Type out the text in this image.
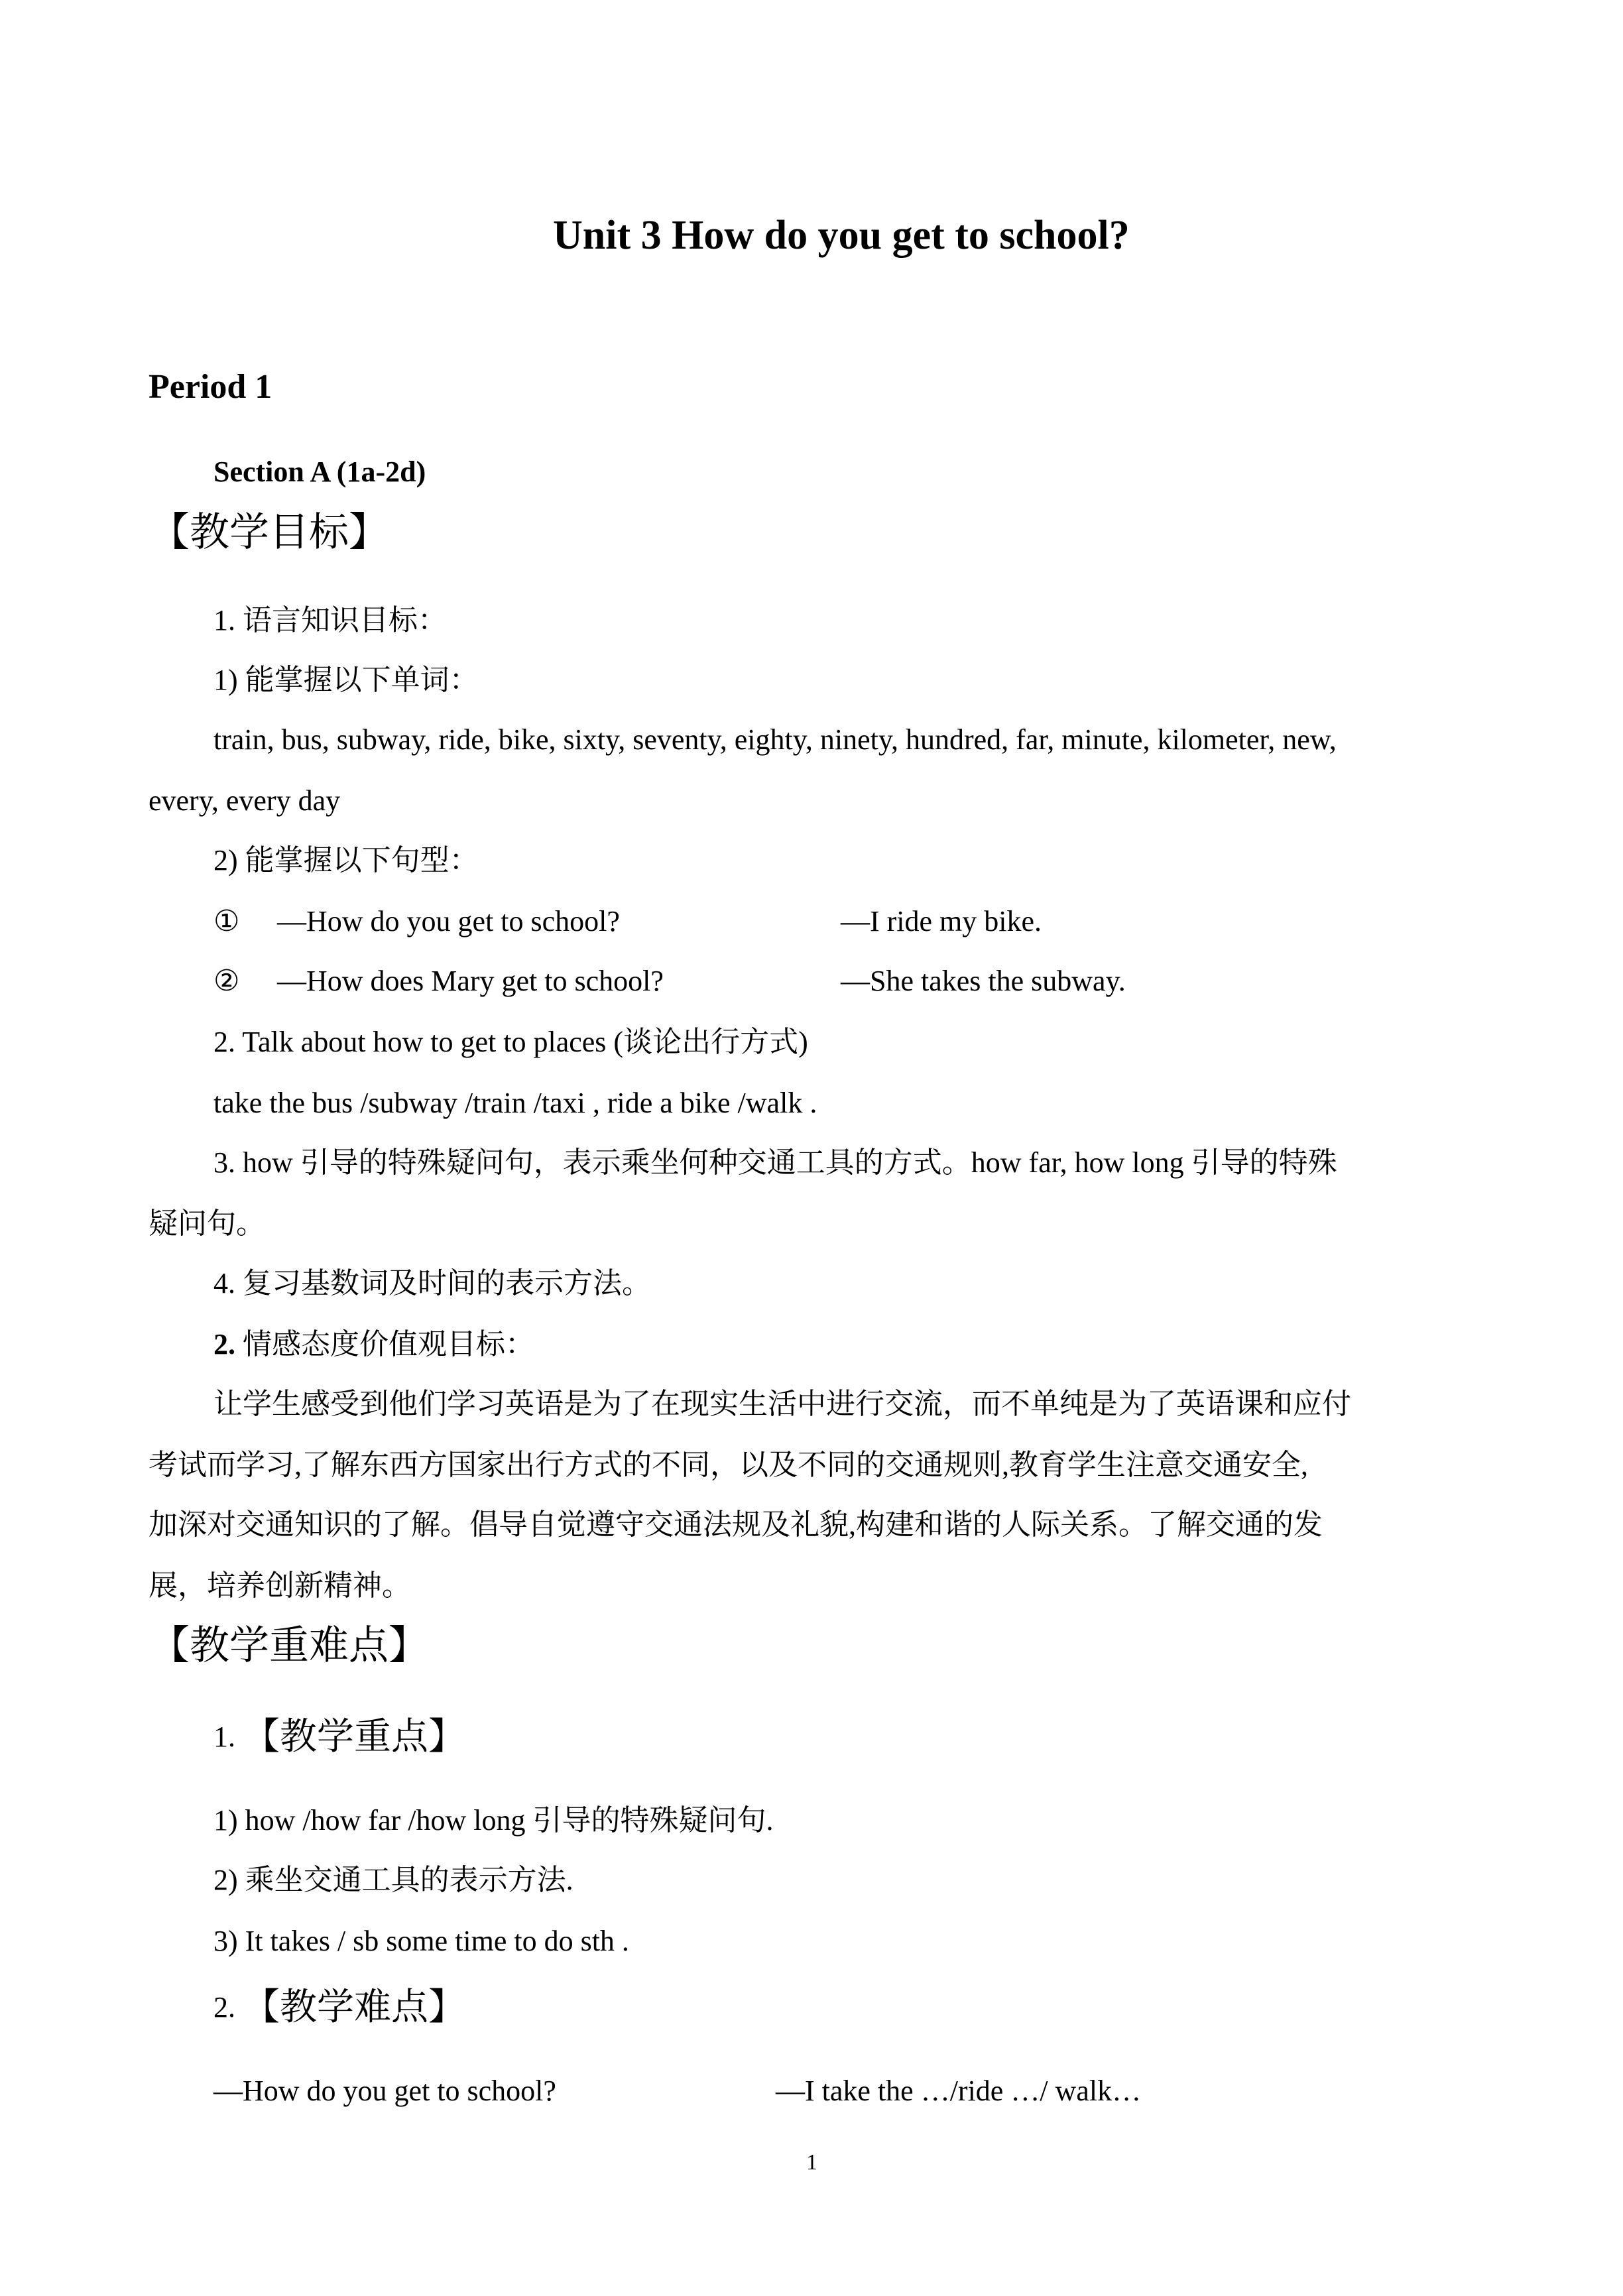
Unit 3 How do you get to school?
Period 1
Section A (1a-2d)
【教学目标】
1. 语言知识目标：
1) 能掌握以下单词：
train, bus, subway, ride, bike, sixty, seventy, eighty, ninety, hundred, far, minute, kilometer, new,
every, every day
2) 能掌握以下句型：
① —How do you get to school?	—I ride my bike.
② —How does Mary get to school?	—She takes the subway.
2. Talk about how to get to places (谈论出行方式)
take the bus /subway /train /taxi , ride a bike /walk .
3. how 引导的特殊疑问句，表示乘坐何种交通工具的方式。how far, how long 引导的特殊
疑问句。
4. 复习基数词及时间的表示方法。
2. 情感态度价值观目标：
让学生感受到他们学习英语是为了在现实生活中进行交流，而不单纯是为了英语课和应付
考试而学习,了解东西方国家出行方式的不同，以及不同的交通规则,教育学生注意交通安全,
加深对交通知识的了解。倡导自觉遵守交通法规及礼貌,构建和谐的人际关系。了解交通的发
展，培养创新精神。
【教学重难点】
1. 【教学重点】
1) how /how far /how long 引导的特殊疑问句.
2) 乘坐交通工具的表示方法.
3) It takes / sb some time to do sth .
2. 【教学难点】
—How do you get to school?	—I take the …/ride …/ walk…
1
